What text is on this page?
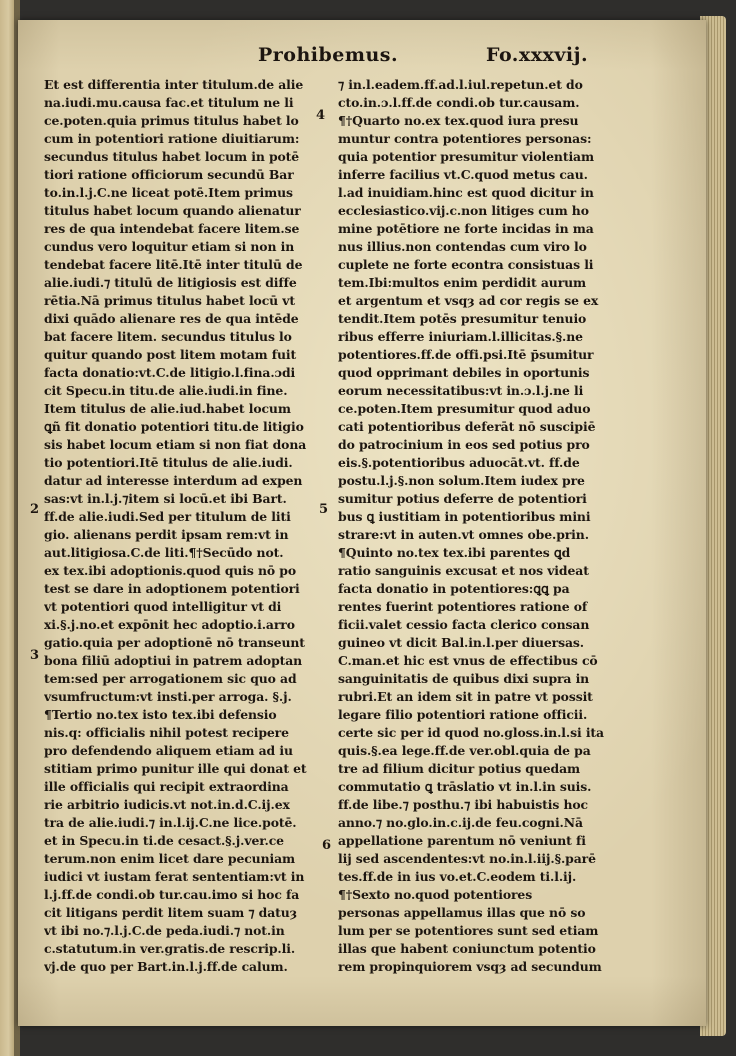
Prohibemus.	Fo.xxxvij.
Et est differentia inter titulum.de alie
na.iudi.mu.causa fac.et titulum ne li
ce.poten.quia primus titulus habet lo
cum in potentiori ratione diuitiarum:
secundus titulus habet locum in potē
tiori ratione officiorum secundū Bar
to.in.l.j.C.ne liceat potē.Item primus
titulus habet locum quando alienatur
res de qua intendebat facere litem.se
cundus vero loquitur etiam si non in
tendebat facere litē.Itē inter titulū de
alie.iudi.⁊ titulū de litigiosis est diffe
rētia.Nā primus titulus habet locū vt
dixi quādo alienare res de qua intēde
bat facere litem. secundus titulus lo
quitur quando post litem motam fuit
facta donatio:vt.C.de litigio.l.fina.ɔdi
cit Specu.in titu.de alie.iudi.in fine.
Item titulus de alie.iud.habet locum
ꝗñ fit donatio potentiori titu.de litigio
sis habet locum etiam si non fiat dona
tio potentiori.Itē titulus de alie.iudi.
datur ad interesse interdum ad expen
sas:vt in.l.j.⁊item si locū.et ibi Bart.
ff.de alie.iudi.Sed per titulum de liti
gio. alienans perdit ipsam rem:vt in
aut.litigiosa.C.de liti.¶†Secūdo not.
ex tex.ibi adoptionis.quod quis nō po
test se dare in adoptionem potentiori
vt potentiori quod intelligitur vt di
xi.§.j.no.et expōnit hec adoptio.i.arro
gatio.quia per adoptionē nō transeunt
bona filiū adoptiui in patrem adoptan
tem:sed per arrogationem sic quo ad
vsumfructum:vt insti.per arroga. §.j.
¶Tertio no.tex isto tex.ibi defensio
nis.q: officialis nihil potest recipere
pro defendendo aliquem etiam ad iu
stitiam primo punitur ille qui donat et
ille officialis qui recipit extraordina
rie arbitrio iudicis.vt not.in.d.C.ij.ex
tra de alie.iudi.⁊ in.l.ij.C.ne lice.potē.
et in Specu.in ti.de cesact.§.j.ver.ce
terum.non enim licet dare pecuniam
iudici vt iustam ferat sententiam:vt in
l.j.ff.de condi.ob tur.cau.imo si hoc fa
cit litigans perdit litem suam ⁊ datuȝ
vt ibi no.⁊.l.j.C.de peda.iudi.⁊ not.in
c.statutum.in ver.gratis.de rescrip.li.
vj.de quo per Bart.in.l.j.ff.de calum.
⁊ in.l.eadem.ff.ad.l.iul.repetun.et do
cto.in.ɔ.l.ff.de condi.ob tur.causam.
¶†Quarto no.ex tex.quod iura presu
muntur contra potentiores personas:
quia potentior presumitur violentiam
inferre facilius vt.C.quod metus cau.
l.ad inuidiam.hinc est quod dicitur in
ecclesiastico.vij.c.non litiges cum ho
mine potētiore ne forte incidas in ma
nus illius.non contendas cum viro lo
cuplete ne forte econtra consistuas li
tem.Ibi:multos enim perdidit aurum
et argentum et vsqȝ ad cor regis se ex
tendit.Item potēs presumitur tenuio
ribus efferre iniuriam.l.illicitas.§.ne
potentiores.ff.de offi.psi.Itē p̄sumitur
quod opprimant debiles in oportunis
eorum necessitatibus:vt in.ɔ.l.j.ne li
ce.poten.Item presumitur quod aduo
cati potentioribus deferāt nō suscipiē
do patrocinium in eos sed potius pro
eis.§.potentioribus aduocāt.vt. ff.de
postu.l.j.§.non solum.Item iudex pre
sumitur potius deferre de potentiori
bus ꝗ iustitiam in potentioribus mini
strare:vt in auten.vt omnes obe.prin.
¶Quinto no.tex tex.ibi parentes ꝗd
ratio sanguinis excusat et nos videat
facta donatio in potentiores:ꝗꝗ pa
rentes fuerint potentiores ratione of
ficii.valet cessio facta clerico consan
guineo vt dicit Bal.in.l.per diuersas.
C.man.et hic est vnus de effectibus cō
sanguinitatis de quibus dixi supra in
rubri.Et an idem sit in patre vt possit
legare filio potentiori ratione officii.
certe sic per id quod no.gloss.in.l.si ita
quis.§.ea lege.ff.de ver.obl.quia de pa
tre ad filium dicitur potius quedam
commutatio ꝗ trāslatio vt in.l.in suis.
ff.de libe.⁊ posthu.⁊ ibi habuistis hoc
anno.⁊ no.glo.in.c.ij.de feu.cogni.Nā
appellatione parentum nō veniunt fi
lij sed ascendentes:vt no.in.l.iij.§.parē
tes.ff.de in ius vo.et.C.eodem ti.l.ij.
¶†Sexto no.quod potentiores
personas appellamus illas que nō so
lum per se potentiores sunt sed etiam
illas que habent coniunctum potentio
rem propinquiorem vsqȝ ad secundum
4
2	5
3
6
